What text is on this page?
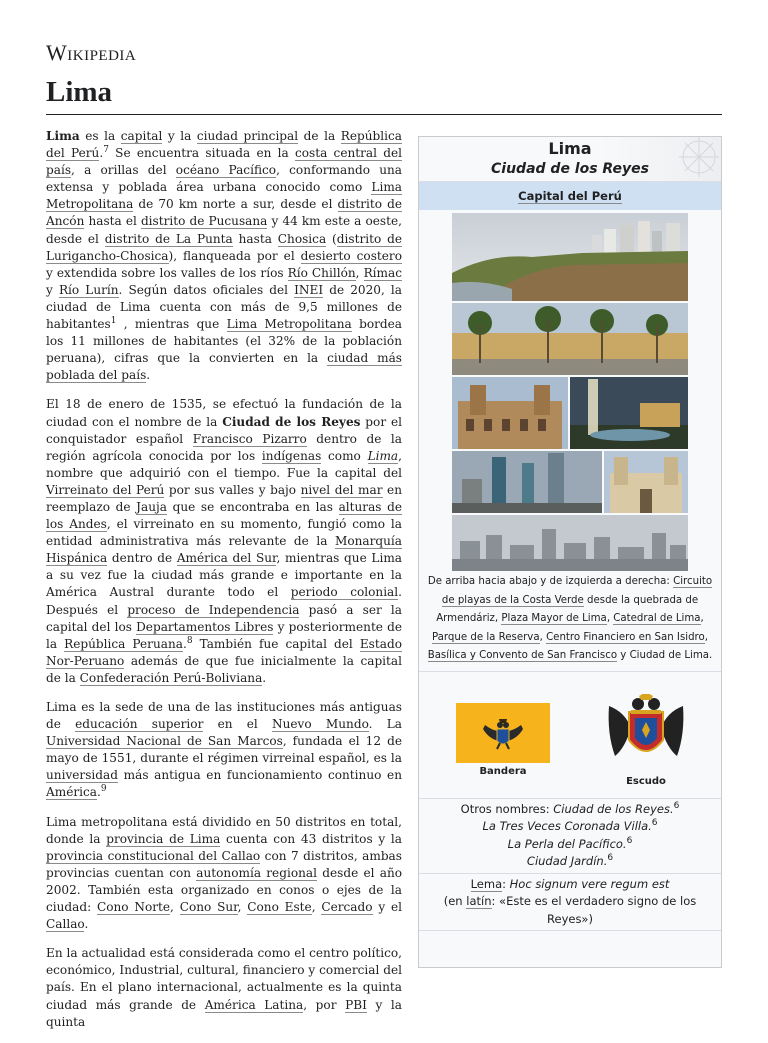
Wikipedia
Lima

Lima es la capital y la ciudad principal de la República del Perú.$^7$ Se encuentra situada en la costa central del país, a orillas del océano Pacífico, conformando una extensa y poblada área urbana conocido como Lima Metropolitana de 70 km norte a sur, desde el distrito de Ancón hasta el distrito de Pucusana y 44 km este a oeste, desde el distrito de La Punta hasta Chosica (distrito de Lurigancho-Chosica), flanqueada por el desierto costero y extendida sobre los valles de los ríos Río Chillón, Rímac y Río Lurín. Según datos oficiales del INEI de 2020, la ciudad de Lima cuenta con más de 9,5 millones de habitantes$^1$ , mientras que Lima Metropolitana bordea los 11 millones de habitantes (el 32% de la población peruana), cifras que la convierten en la ciudad más poblada del país.

El 18 de enero de 1535, se efectuó la fundación de la ciudad con el nombre de la Ciudad de los Reyes por el conquistador español Francisco Pizarro dentro de la región agrícola conocida por los indígenas como Lima, nombre que adquirió con el tiempo. Fue la capital del Virreinato del Perú por sus valles y bajo nivel del mar en reemplazo de Jauja que se encontraba en las alturas de los Andes, el virreinato en su momento, fungió como la entidad administrativa más relevante de la Monarquía Hispánica dentro de América del Sur, mientras que Lima a su vez fue la ciudad más grande e importante en la América Austral durante todo el periodo colonial. Después el proceso de Independencia pasó a ser la capital del los Departamentos Libres y posteriormente de la República Peruana.$^8$ También fue capital del Estado Nor-Peruano además de que fue inicialmente la capital de la Confederación Perú-Boliviana.

Lima es la sede de una de las instituciones más antiguas de educación superior en el Nuevo Mundo. La Universidad Nacional de San Marcos, fundada el 12 de mayo de 1551, durante el régimen virreinal español, es la universidad más antigua en funcionamiento continuo en América.$^9$

Lima metropolitana está dividido en 50 distritos en total, donde la provincia de Lima cuenta con 43 distritos y la provincia constitucional del Callao con 7 distritos, ambas provincias cuentan con autonomía regional desde el año 2002. También esta organizado en conos o ejes de la ciudad: Cono Norte, Cono Sur, Cono Este, Cercado y el Callao.

En la actualidad está considerada como el centro político, económico, Industrial, cultural, financiero y comercial del país. En el plano internacional, actualmente es la quinta ciudad más grande de América Latina, por PBI y la quinta

Lima
Ciudad de los Reyes
Capital del Perú
De arriba hacia abajo y de izquierda a derecha: Circuito de playas de la Costa Verde desde la quebrada de Armendáriz, Plaza Mayor de Lima, Catedral de Lima, Parque de la Reserva, Centro Financiero en San Isidro, Basílica y Convento de San Francisco y Ciudad de Lima.
Bandera
Escudo
Otros nombres: Ciudad de los Reyes.$^6$
La Tres Veces Coronada Villa.$^6$
La Perla del Pacífico.$^6$
Ciudad Jardín.$^6$
Lema: Hoc signum vere regum est
(en latín: «Este es el verdadero signo de los Reyes»)
